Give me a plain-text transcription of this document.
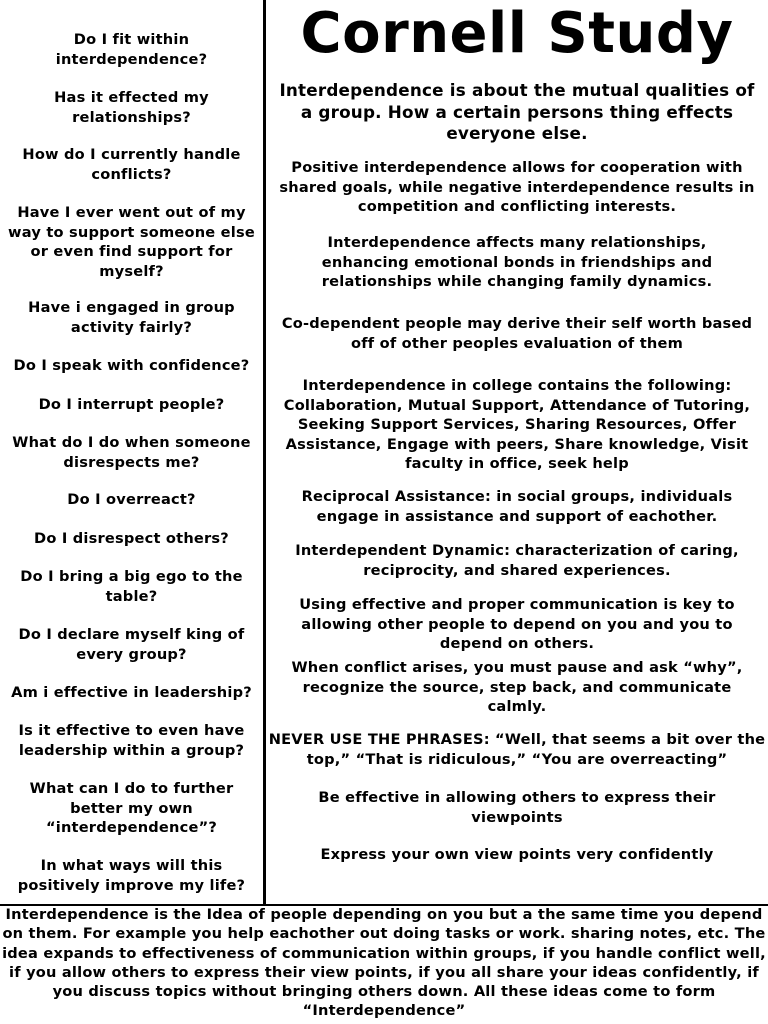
Do I fit within interdependence?
Has it effected my relationships?
How do I currently handle conflicts?
Have I ever went out of my way to support someone else or even find support for myself?
Have i engaged in group activity fairly?
Do I speak with confidence?
Do I interrupt people?
What do I do when someone disrespects me?
Do I overreact?
Do I disrespect others?
Do I bring a big ego to the table?
Do I declare myself king of every group?
Am i effective in leadership?
Is it effective to even have leadership within a group?
What can I do to further better my own “interdependence”?
In what ways will this positively improve my life?
Cornell Study
Interdependence is about the mutual qualities of a group. How a certain persons thing effects everyone else.
Positive interdependence allows for cooperation with shared goals, while negative interdependence results in competition and conflicting interests.
Interdependence affects many relationships, enhancing emotional bonds in friendships and relationships while changing family dynamics.
Co-dependent people may derive their self worth based off of other peoples evaluation of them
Interdependence in college contains the following: Collaboration, Mutual Support, Attendance of Tutoring, Seeking Support Services, Sharing Resources, Offer Assistance, Engage with peers, Share knowledge, Visit faculty in office, seek help
Reciprocal Assistance: in social groups, individuals engage in assistance and support of eachother.
Interdependent Dynamic: characterization of caring, reciprocity, and shared experiences.
Using effective and proper communication is key to allowing other people to depend on you and you to depend on others.
When conflict arises, you must pause and ask “why”, recognize the source, step back, and communicate calmly.
NEVER USE THE PHRASES: “Well, that seems a bit over the top,” “That is ridiculous,” “You are overreacting”
Be effective in allowing others to express their viewpoints
Express your own view points very confidently
Interdependence is the Idea of people depending on you but a the same time you depend on them. For example you help eachother out doing tasks or work. sharing notes, etc. The idea expands to effectiveness of communication within groups, if you handle conflict well, if you allow others to express their view points, if you all share your ideas confidently, if you discuss topics without bringing others down. All these ideas come to form “Interdependence”
